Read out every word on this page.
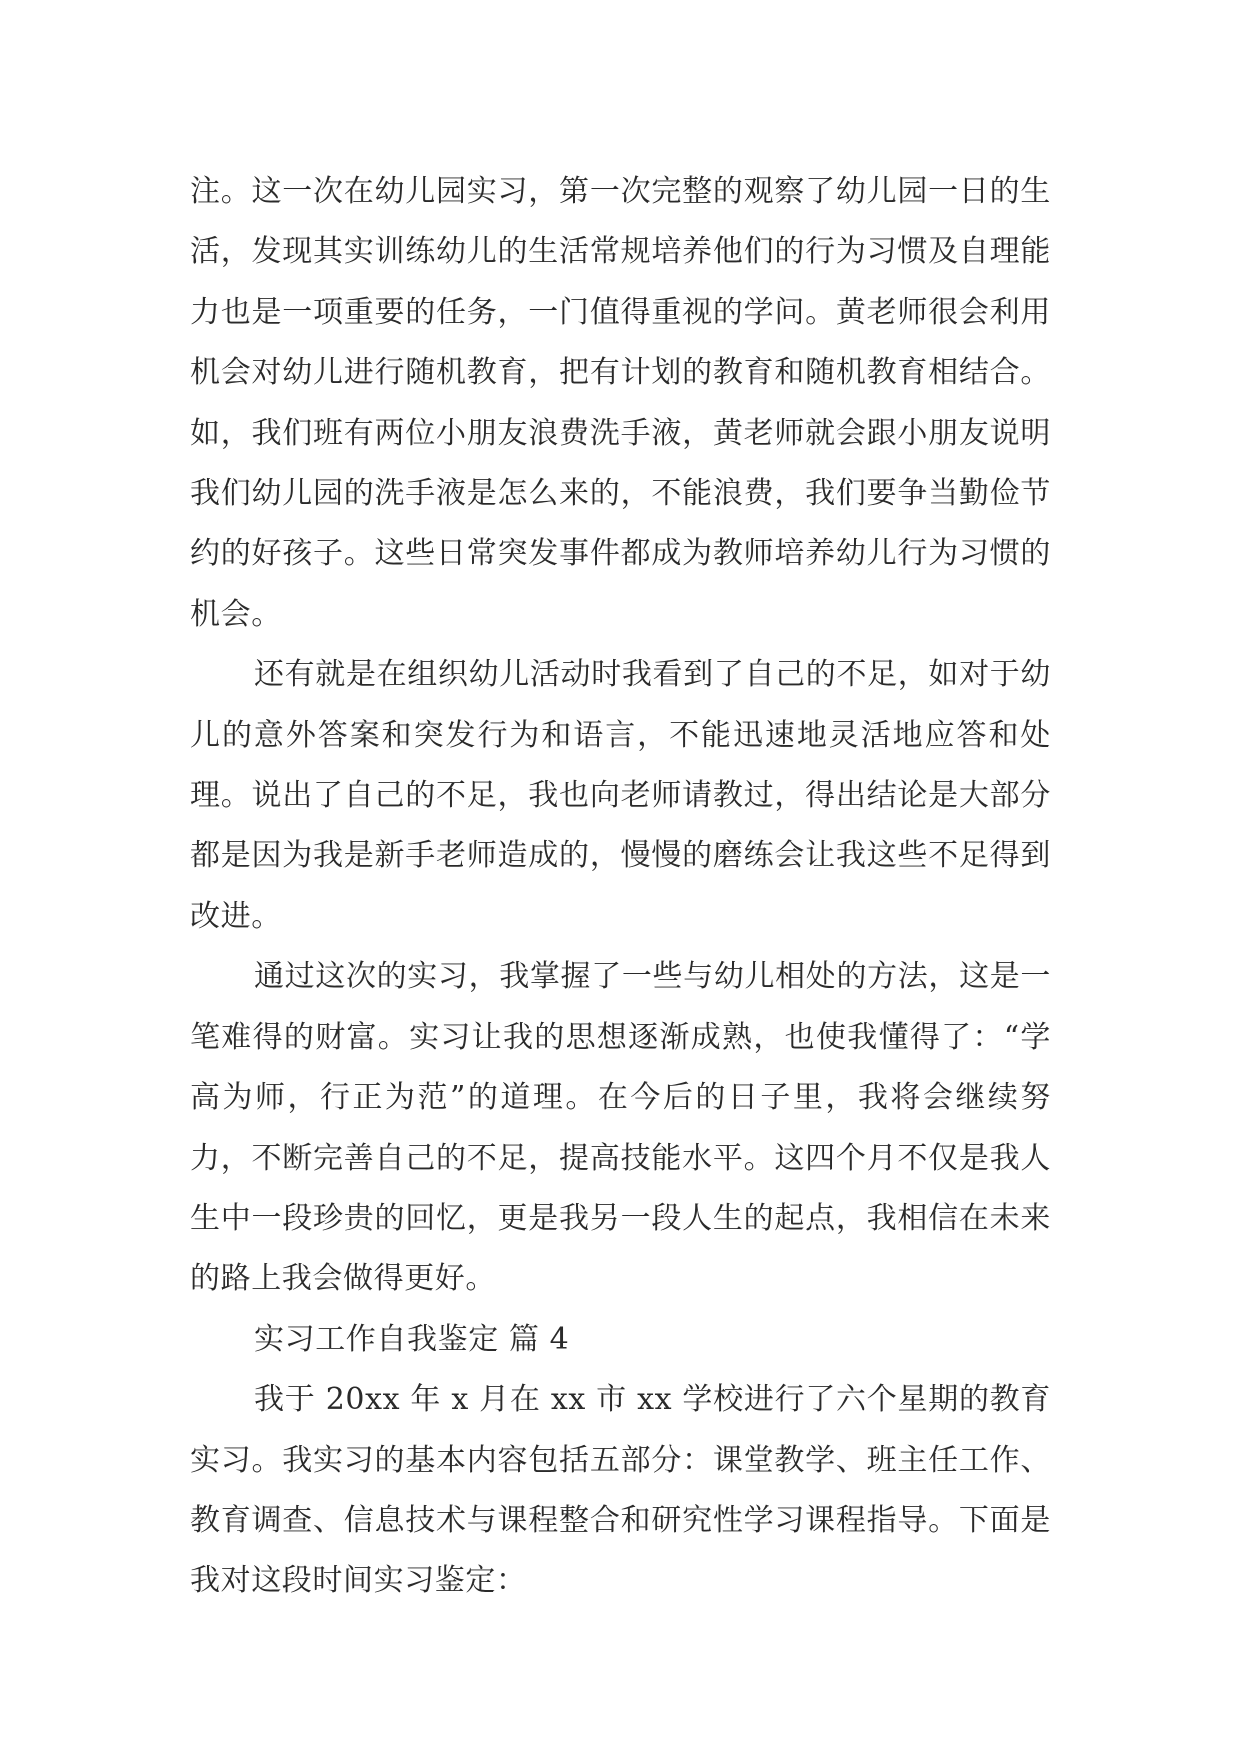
注。这一次在幼儿园实习，第一次完整的观察了幼儿园一日的生活，发现其实训练幼儿的生活常规培养他们的行为习惯及自理能力也是一项重要的任务，一门值得重视的学问。黄老师很会利用机会对幼儿进行随机教育，把有计划的教育和随机教育相结合。如，我们班有两位小朋友浪费洗手液，黄老师就会跟小朋友说明我们幼儿园的洗手液是怎么来的，不能浪费，我们要争当勤俭节约的好孩子。这些日常突发事件都成为教师培养幼儿行为习惯的机会。

还有就是在组织幼儿活动时我看到了自己的不足，如对于幼儿的意外答案和突发行为和语言，不能迅速地灵活地应答和处理。说出了自己的不足，我也向老师请教过，得出结论是大部分都是因为我是新手老师造成的，慢慢的磨练会让我这些不足得到改进。

通过这次的实习，我掌握了一些与幼儿相处的方法，这是一笔难得的财富。实习让我的思想逐渐成熟，也使我懂得了：“学高为师，行正为范”的道理。在今后的日子里，我将会继续努力，不断完善自己的不足，提高技能水平。这四个月不仅是我人生中一段珍贵的回忆，更是我另一段人生的起点，我相信在未来的路上我会做得更好。

实习工作自我鉴定 篇 4

我于 20xx 年 x 月在 xx 市 xx 学校进行了六个星期的教育实习。我实习的基本内容包括五部分：课堂教学、班主任工作、教育调查、信息技术与课程整合和研究性学习课程指导。下面是我对这段时间实习鉴定：
